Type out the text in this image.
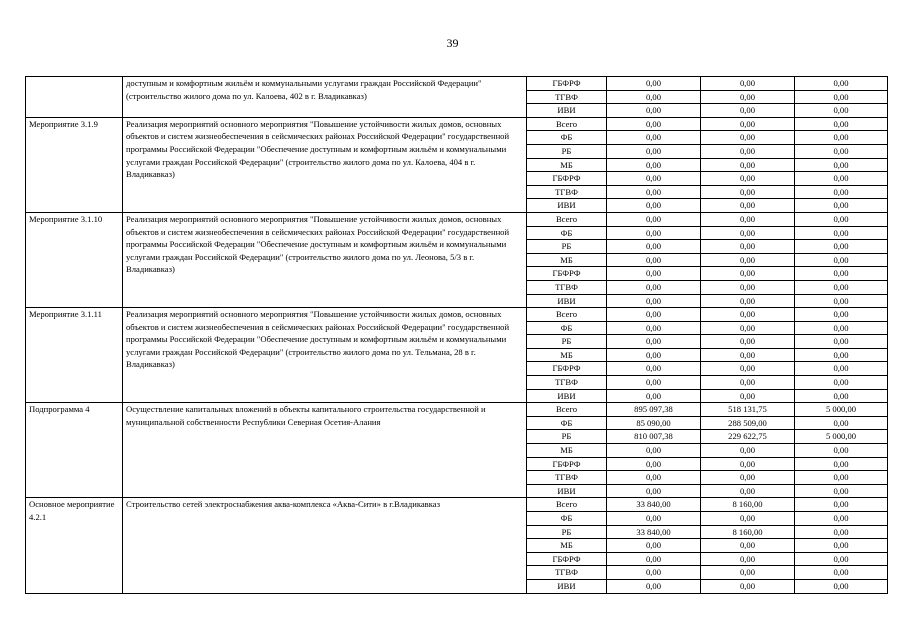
39
	доступным и комфортным жильём и коммунальными услугами граждан Российской Федерации" (строительство жилого дома по ул. Калоева, 402 в г. Владикавказ)	ГБФРФ	0,00	0,00	0,00
		ТГВФ	0,00	0,00	0,00
		ИВИ	0,00	0,00	0,00
Мероприятие 3.1.9	Реализация мероприятий основного мероприятия "Повышение устойчивости жилых домов, основных объектов и систем жизнеобеспечения в сейсмических районах Российской Федерации" государственной программы Российской Федерации "Обеспечение доступным и комфортным жильём и коммунальными услугами граждан Российской Федерации" (строительство жилого дома по ул. Калоева, 404 в г. Владикавказ)	Всего	0,00	0,00	0,00
		ФБ	0,00	0,00	0,00
		РБ	0,00	0,00	0,00
		МБ	0,00	0,00	0,00
		ГБФРФ	0,00	0,00	0,00
		ТГВФ	0,00	0,00	0,00
		ИВИ	0,00	0,00	0,00
Мероприятие 3.1.10	Реализация мероприятий основного мероприятия "Повышение устойчивости жилых домов, основных объектов и систем жизнеобеспечения в сейсмических районах Российской Федерации" государственной программы Российской Федерации "Обеспечение доступным и комфортным жильём и коммунальными услугами граждан Российской Федерации" (строительство жилого дома по ул. Леонова, 5/3 в г. Владикавказ)	Всего	0,00	0,00	0,00
		ФБ	0,00	0,00	0,00
		РБ	0,00	0,00	0,00
		МБ	0,00	0,00	0,00
		ГБФРФ	0,00	0,00	0,00
		ТГВФ	0,00	0,00	0,00
		ИВИ	0,00	0,00	0,00
Мероприятие 3.1.11	Реализация мероприятий основного мероприятия "Повышение устойчивости жилых домов, основных объектов и систем жизнеобеспечения в сейсмических районах Российской Федерации" государственной программы Российской Федерации "Обеспечение доступным и комфортным жильём и коммунальными услугами граждан Российской Федерации" (строительство жилого дома по ул. Тельмана, 28 в г. Владикавказ)	Всего	0,00	0,00	0,00
		ФБ	0,00	0,00	0,00
		РБ	0,00	0,00	0,00
		МБ	0,00	0,00	0,00
		ГБФРФ	0,00	0,00	0,00
		ТГВФ	0,00	0,00	0,00
		ИВИ	0,00	0,00	0,00
Подпрограмма 4	Осуществление капитальных вложений в объекты капитального строительства государственной и муниципальной собственности Республики Северная Осетия-Алания	Всего	895 097,38	518 131,75	5 000,00
		ФБ	85 090,00	288 509,00	0,00
		РБ	810 007,38	229 622,75	5 000,00
		МБ	0,00	0,00	0,00
		ГБФРФ	0,00	0,00	0,00
		ТГВФ	0,00	0,00	0,00
		ИВИ	0,00	0,00	0,00
Основное мероприятие 4.2.1	Строительство сетей электроснабжения аква-комплекса «Аква-Сити» в г.Владикавказ	Всего	33 840,00	8 160,00	0,00
		ФБ	0,00	0,00	0,00
		РБ	33 840,00	8 160,00	0,00
		МБ	0,00	0,00	0,00
		ГБФРФ	0,00	0,00	0,00
		ТГВФ	0,00	0,00	0,00
		ИВИ	0,00	0,00	0,00
